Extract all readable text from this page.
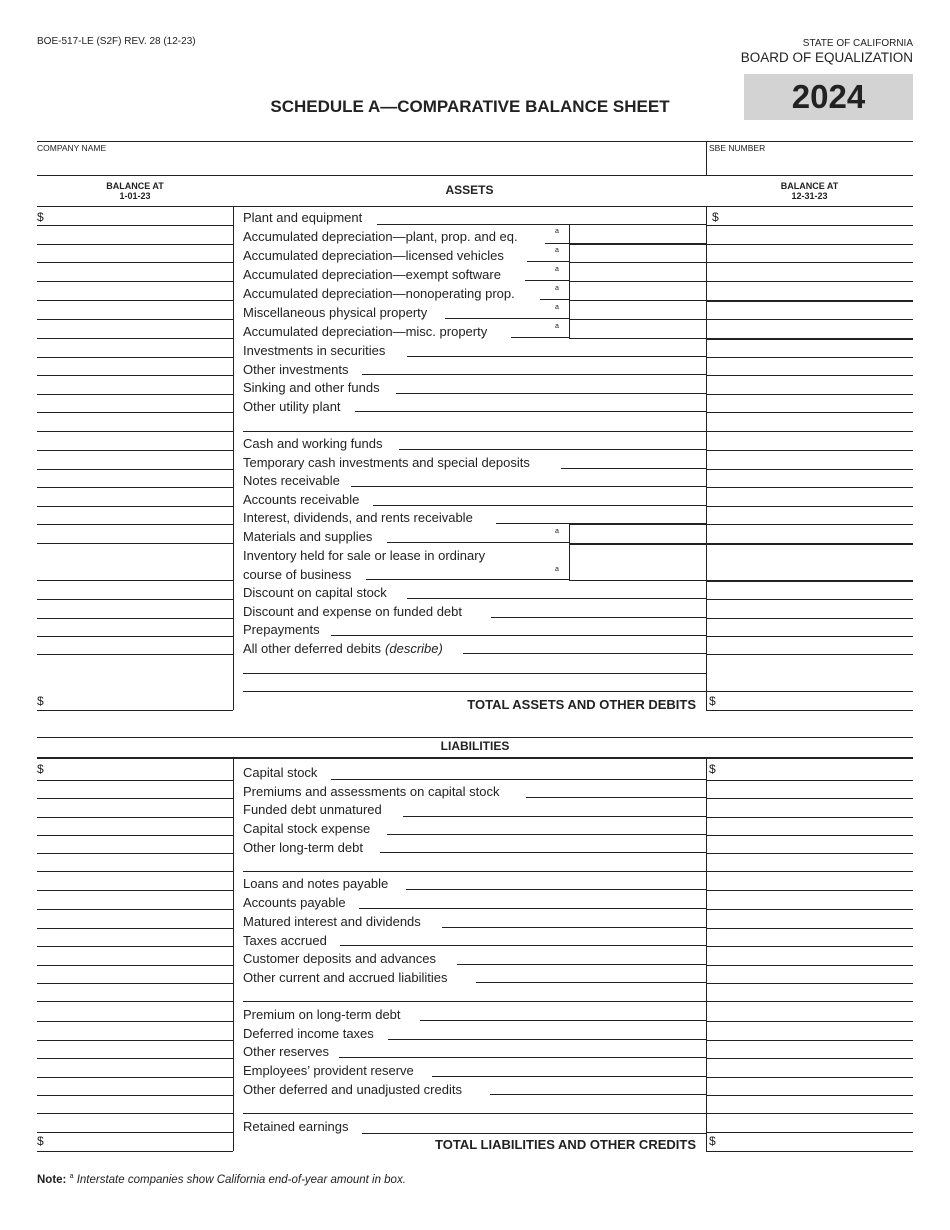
BOE-517-LE (S2F) REV. 28 (12-23)	STATE OF CALIFORNIA
BOARD OF EQUALIZATION
2024
SCHEDULE A—COMPARATIVE BALANCE SHEET
COMPANY NAME	SBE NUMBER
BALANCE AT
1-01-23	ASSETS	BALANCE AT
12-31-23
$	TOTAL ASSETS AND OTHER DEBITS $
LIABILITIES
$	TOTAL LIABILITIES AND OTHER CREDITS $
Note: $^a$ Interstate companies show California end-of-year amount in box.
Plant and equipment
Accumulated depreciation—plant, prop. and eq.	a
Accumulated depreciation—licensed vehicles	a
Accumulated depreciation—exempt software	a
Accumulated depreciation—nonoperating prop.	a
Miscellaneous physical property	a
Accumulated depreciation—misc. property	a
Investments in securities
Other investments
Sinking and other funds
Other utility plant
Cash and working funds
Temporary cash investments and special deposits
Notes receivable
Accounts receivable
Interest, dividends, and rents receivable
Materials and supplies	a
Inventory held for sale or lease in ordinary
course of business	a
Discount on capital stock
Discount and expense on funded debt
Prepayments
All other deferred debits (describe)
$	$
Capital stock
Premiums and assessments on capital stock
Funded debt unmatured
Capital stock expense
Other long-term debt
Loans and notes payable
Accounts payable
Matured interest and dividends
Taxes accrued
Customer deposits and advances
Other current and accrued liabilities
Premium on long-term debt
Deferred income taxes
Other reserves
Employees’ provident reserve
Other deferred and unadjusted credits
Retained earnings
$	$
